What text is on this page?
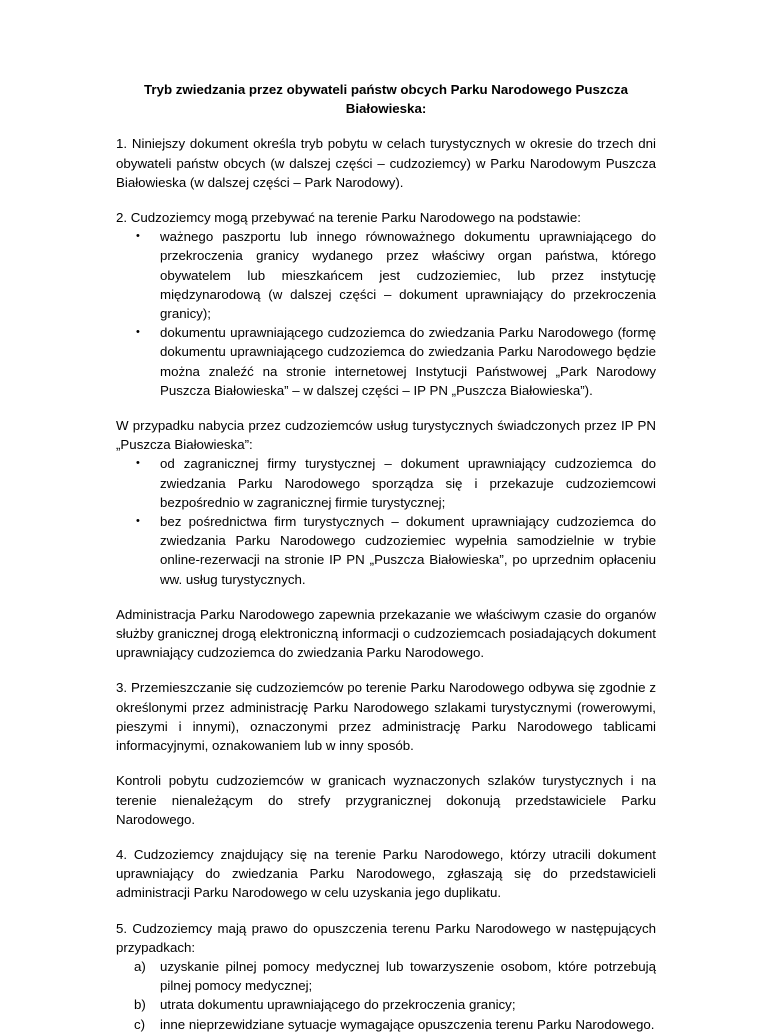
Tryb zwiedzania przez obywateli państw obcych Parku Narodowego Puszcza Białowieska:

1. Niniejszy dokument określa tryb pobytu w celach turystycznych w okresie do trzech dni obywateli państw obcych (w dalszej części – cudzoziemcy) w Parku Narodowym Puszcza Białowieska (w dalszej części – Park Narodowy).

2. Cudzoziemcy mogą przebywać na terenie Parku Narodowego na podstawie:

• ważnego paszportu lub innego równoważnego dokumentu uprawniającego do przekroczenia granicy wydanego przez właściwy organ państwa, którego obywatelem lub mieszkańcem jest cudzoziemiec, lub przez instytucję międzynarodową (w dalszej części – dokument uprawniający do przekroczenia granicy);
• dokumentu uprawniającego cudzoziemca do zwiedzania Parku Narodowego (formę dokumentu uprawniającego cudzoziemca do zwiedzania Parku Narodowego będzie można znaleźć na stronie internetowej Instytucji Państwowej „Park Narodowy Puszcza Białowieska” – w dalszej części – IP PN „Puszcza Białowieska”).

W przypadku nabycia przez cudzoziemców usług turystycznych świadczonych przez IP PN „Puszcza Białowieska”:

• od zagranicznej firmy turystycznej – dokument uprawniający cudzoziemca do zwiedzania Parku Narodowego sporządza się i przekazuje cudzoziemcowi bezpośrednio w zagranicznej firmie turystycznej;
• bez pośrednictwa firm turystycznych – dokument uprawniający cudzoziemca do zwiedzania Parku Narodowego cudzoziemiec wypełnia samodzielnie w trybie online-rezerwacji na stronie IP PN „Puszcza Białowieska”, po uprzednim opłaceniu ww. usług turystycznych.

Administracja Parku Narodowego zapewnia przekazanie we właściwym czasie do organów służby granicznej drogą elektroniczną informacji o cudzoziemcach posiadających dokument uprawniający cudzoziemca do zwiedzania Parku Narodowego.

3. Przemieszczanie się cudzoziemców po terenie Parku Narodowego odbywa się zgodnie z określonymi przez administrację Parku Narodowego szlakami turystycznymi (rowerowymi, pieszymi i innymi), oznaczonymi przez administrację Parku Narodowego tablicami informacyjnymi, oznakowaniem lub w inny sposób.

Kontroli pobytu cudzoziemców w granicach wyznaczonych szlaków turystycznych i na terenie nienależącym do strefy przygranicznej dokonują przedstawiciele Parku Narodowego.

4. Cudzoziemcy znajdujący się na terenie Parku Narodowego, którzy utracili dokument uprawniający do zwiedzania Parku Narodowego, zgłaszają się do przedstawicieli administracji Parku Narodowego w celu uzyskania jego duplikatu.

5. Cudzoziemcy mają prawo do opuszczenia terenu Parku Narodowego w następujących przypadkach:

a) uzyskanie pilnej pomocy medycznej lub towarzyszenie osobom, które potrzebują pilnej pomocy medycznej;
b) utrata dokumentu uprawniającego do przekroczenia granicy;
c) inne nieprzewidziane sytuacje wymagające opuszczenia terenu Parku Narodowego.
